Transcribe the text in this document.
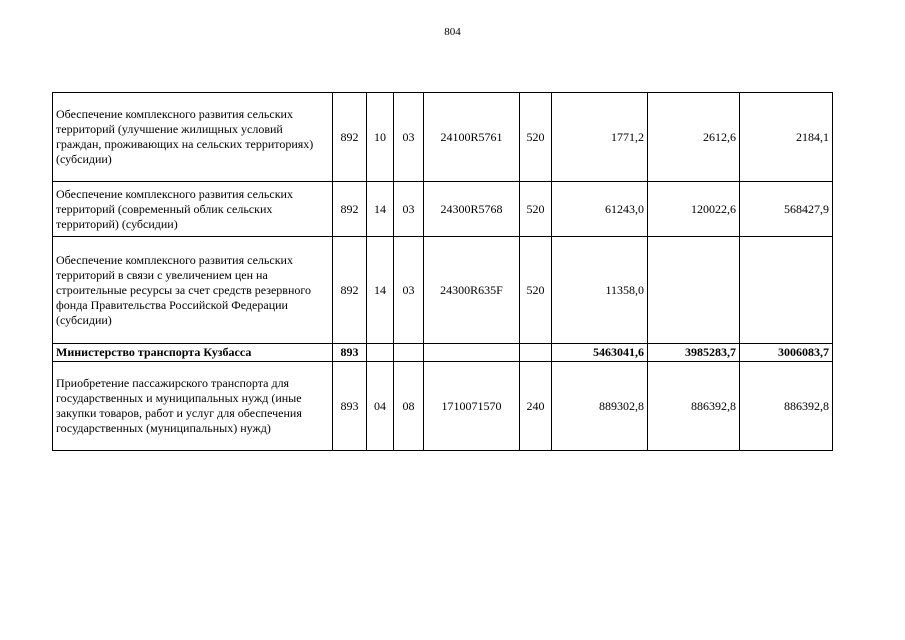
804
Обеспечение комплексного развития сельских территорий (улучшение жилищных условий граждан, проживающих на сельских территориях) (субсидии)	892	10	03	24100R5761	520	1771,2	2612,6	2184,1
Обеспечение комплексного развития сельских территорий (современный облик сельских территорий) (субсидии)	892	14	03	24300R5768	520	61243,0	120022,6	568427,9
Обеспечение комплексного развития сельских территорий в связи с увеличением цен на строительные ресурсы за счет средств резервного фонда Правительства Российской Федерации (субсидии)	892	14	03	24300R635F	520	11358,0		
Министерство транспорта Кузбасса	893					5463041,6	3985283,7	3006083,7
Приобретение пассажирского транспорта для государственных и муниципальных нужд (иные закупки товаров, работ и услуг для обеспечения государственных (муниципальных) нужд)	893	04	08	1710071570	240	889302,8	886392,8	886392,8
